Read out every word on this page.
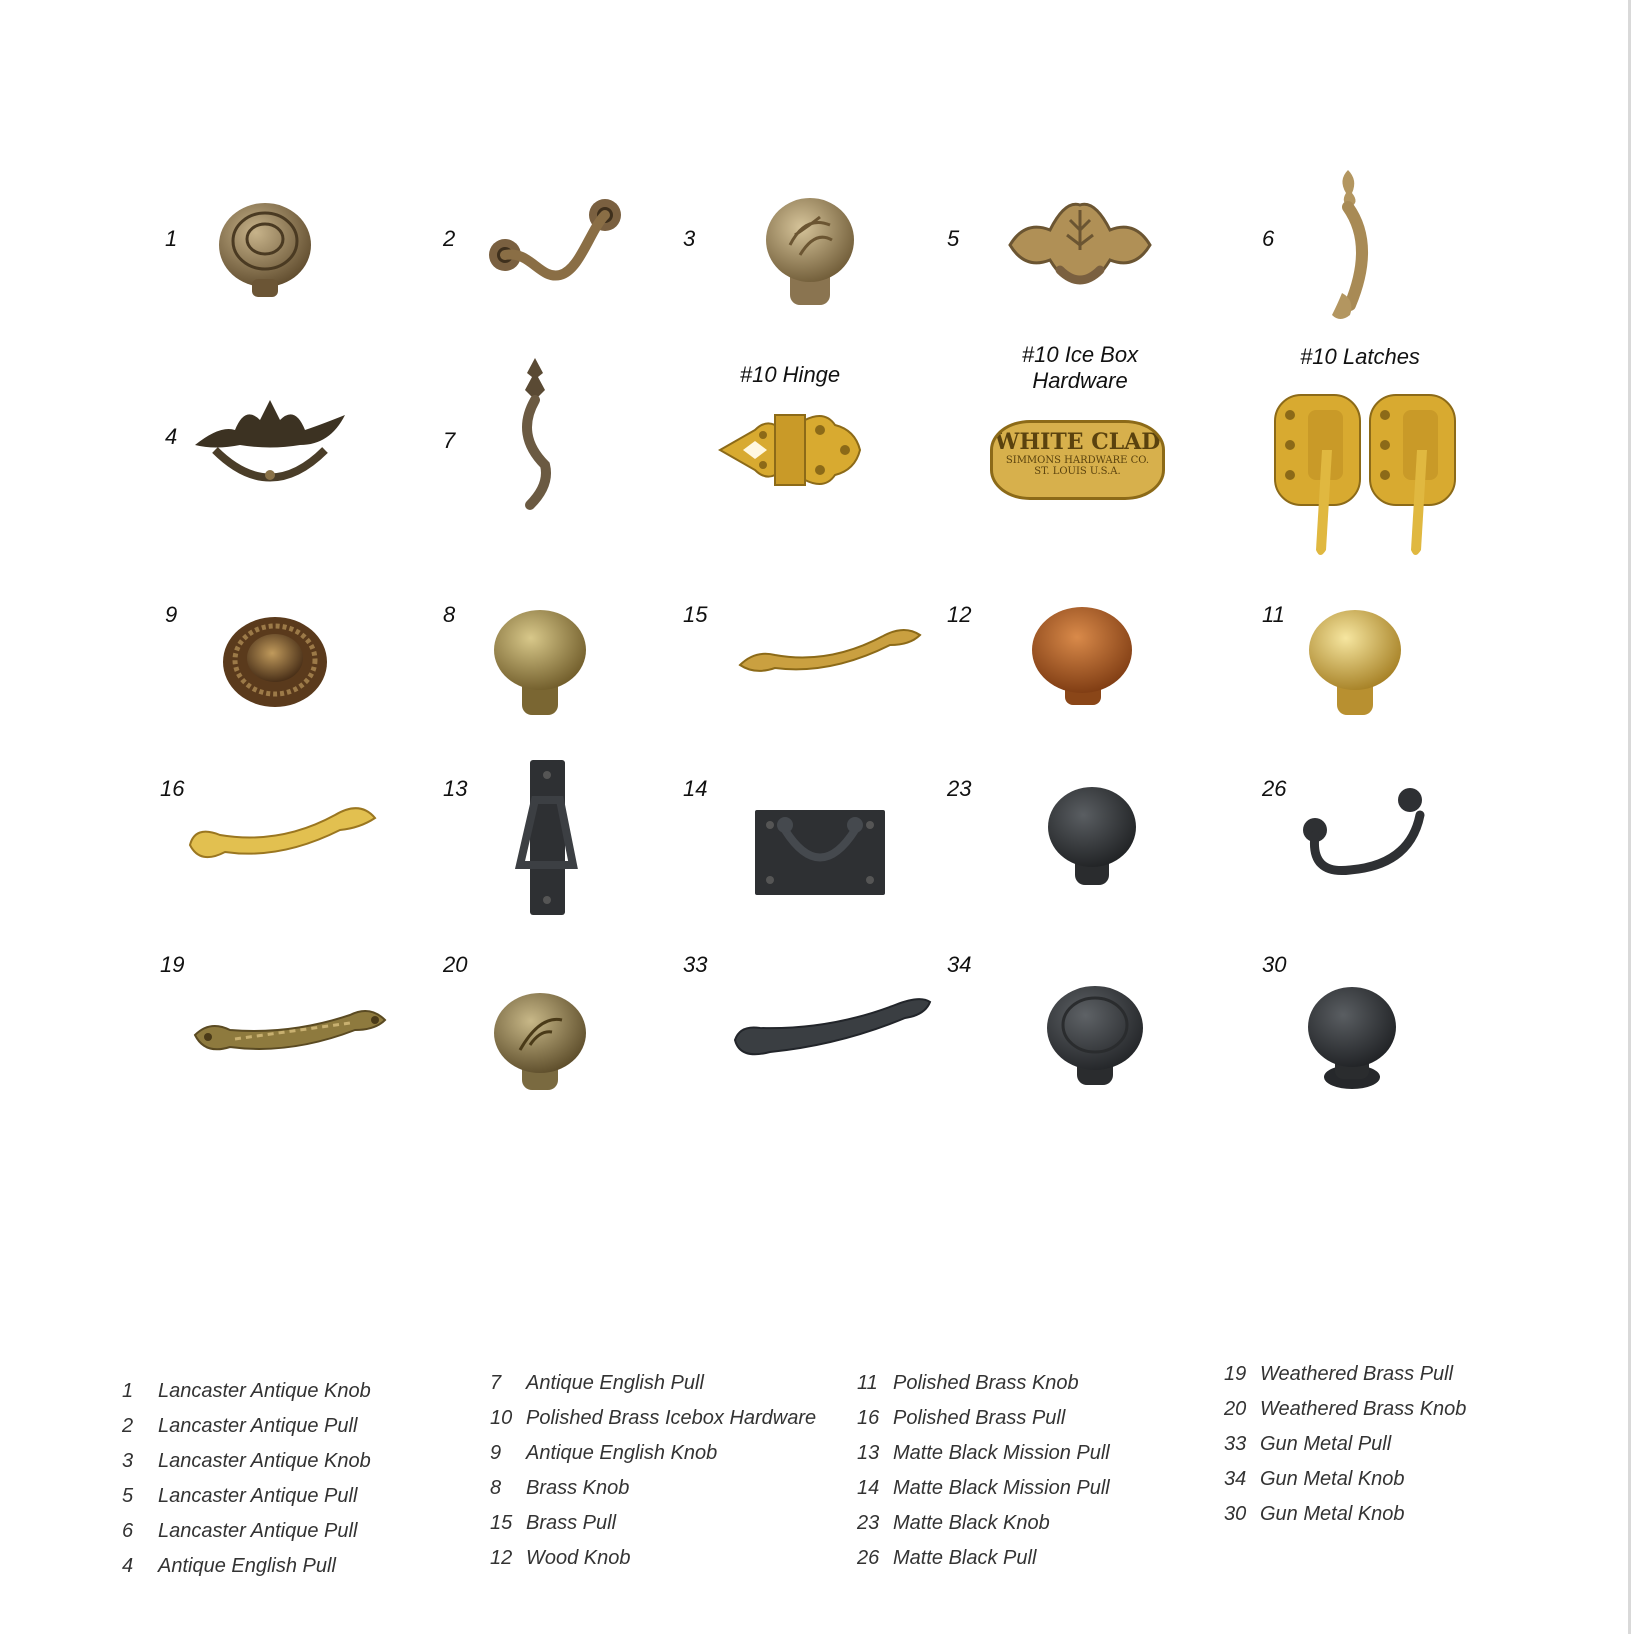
1	2	3	5	6
4	7
#10 Hinge
#10 Ice Box Hardware
WHITE CLAD
SIMMONS HARDWARE CO.
ST. LOUIS U.S.A.
#10 Latches
9	8	15	12	11
16	13	14	23	26
19	20	33	34	30
1 Lancaster Antique Knob
2 Lancaster Antique Pull
3 Lancaster Antique Knob
5 Lancaster Antique Pull
6 Lancaster Antique Pull
4 Antique English Pull
7 Antique English Pull
10 Polished Brass Icebox Hardware
9 Antique English Knob
8 Brass Knob
15 Brass Pull
12 Wood Knob
11 Polished Brass Knob
16 Polished Brass Pull
13 Matte Black Mission Pull
14 Matte Black Mission Pull
23 Matte Black Knob
26 Matte Black Pull
19 Weathered Brass Pull
20 Weathered Brass Knob
33 Gun Metal Pull
34 Gun Metal Knob
30 Gun Metal Knob
